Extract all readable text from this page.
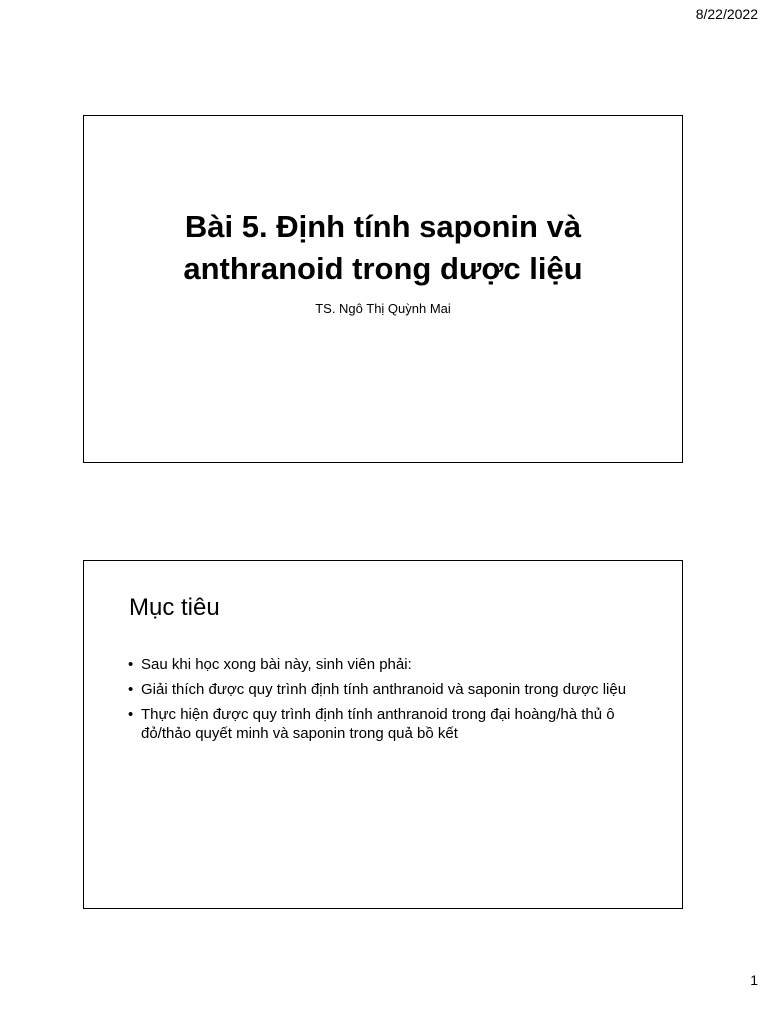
8/22/2022
Bài 5. Định tính saponin và
anthranoid trong dược liệu
TS. Ngô Thị Quỳnh Mai
Mục tiêu
• Sau khi học xong bài này, sinh viên phải:
• Giải thích được quy trình định tính anthranoid và saponin trong dược liệu
• Thực hiện được quy trình định tính anthranoid trong đại hoàng/hà thủ ô đỏ/thảo quyết minh và saponin trong quả bồ kết
1
